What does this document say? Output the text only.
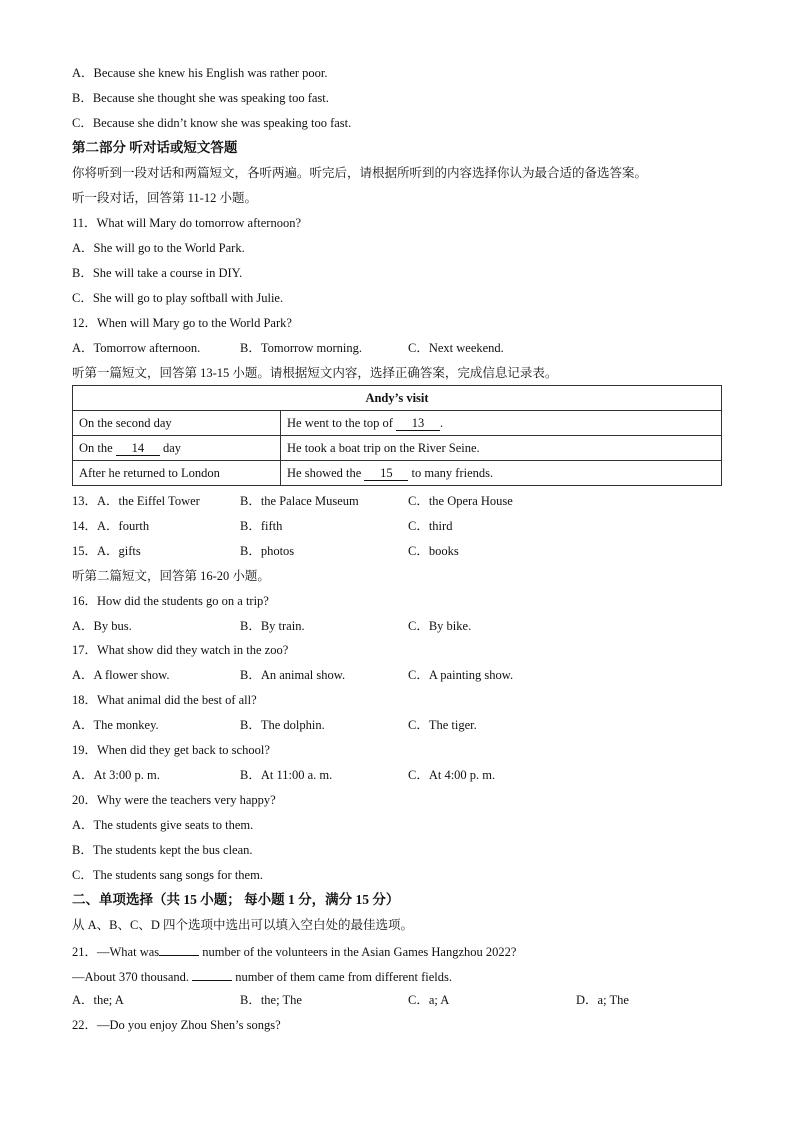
A．Because she knew his English was rather poor.
B．Because she thought she was speaking too fast.
C．Because she didn’t know she was speaking too fast.
第二部分 听对话或短文答题
你将听到一段对话和两篇短文，各听两遍。听完后，请根据所听到的内容选择你认为最合适的备选答案。
听一段对话，回答第 11-12 小题。
11．What will Mary do tomorrow afternoon?
A．She will go to the World Park.
B．She will take a course in DIY.
C．She will go to play softball with Julie.
12．When will Mary go to the World Park?
A．Tomorrow afternoon.	B．Tomorrow morning.	C．Next weekend.
听第一篇短文，回答第 13-15 小题。请根据短文内容，选择正确答案，完成信息记录表。
Andy’s visit	
On the second day	He went to the top of 13 .
On the 14 day	He took a boat trip on the River Seine.
After he returned to London	He showed the 15 to many friends.
13．A．the Eiffel Tower	B．the Palace Museum	C．the Opera House
14．A．fourth	B．fifth	C．third
15．A．gifts	B．photos	C．books
听第二篇短文，回答第 16-20 小题。
16．How did the students go on a trip?
A．By bus.	B．By train.	C．By bike.
17．What show did they watch in the zoo?
A．A flower show.	B．An animal show.	C．A painting show.
18．What animal did the best of all?
A．The monkey.	B．The dolphin.	C．The tiger.
19．When did they get back to school?
A．At 3:00 p. m.	B．At 11:00 a. m.	C．At 4:00 p. m.
20．Why were the teachers very happy?
A．The students give seats to them.
B．The students kept the bus clean.
C．The students sang songs for them.
二、单项选择（共 15 小题； 每小题 1 分，满分 15 分）
从 A、B、C、D 四个选项中选出可以填入空白处的最佳选项。
21．—What was	number of the volunteers in the Asian Games Hangzhou 2022?
—About 370 thousand.	number of them came from different fields.
A．the; A	B．the; The	C．a; A	D．a; The
22．—Do you enjoy Zhou Shen’s songs?
